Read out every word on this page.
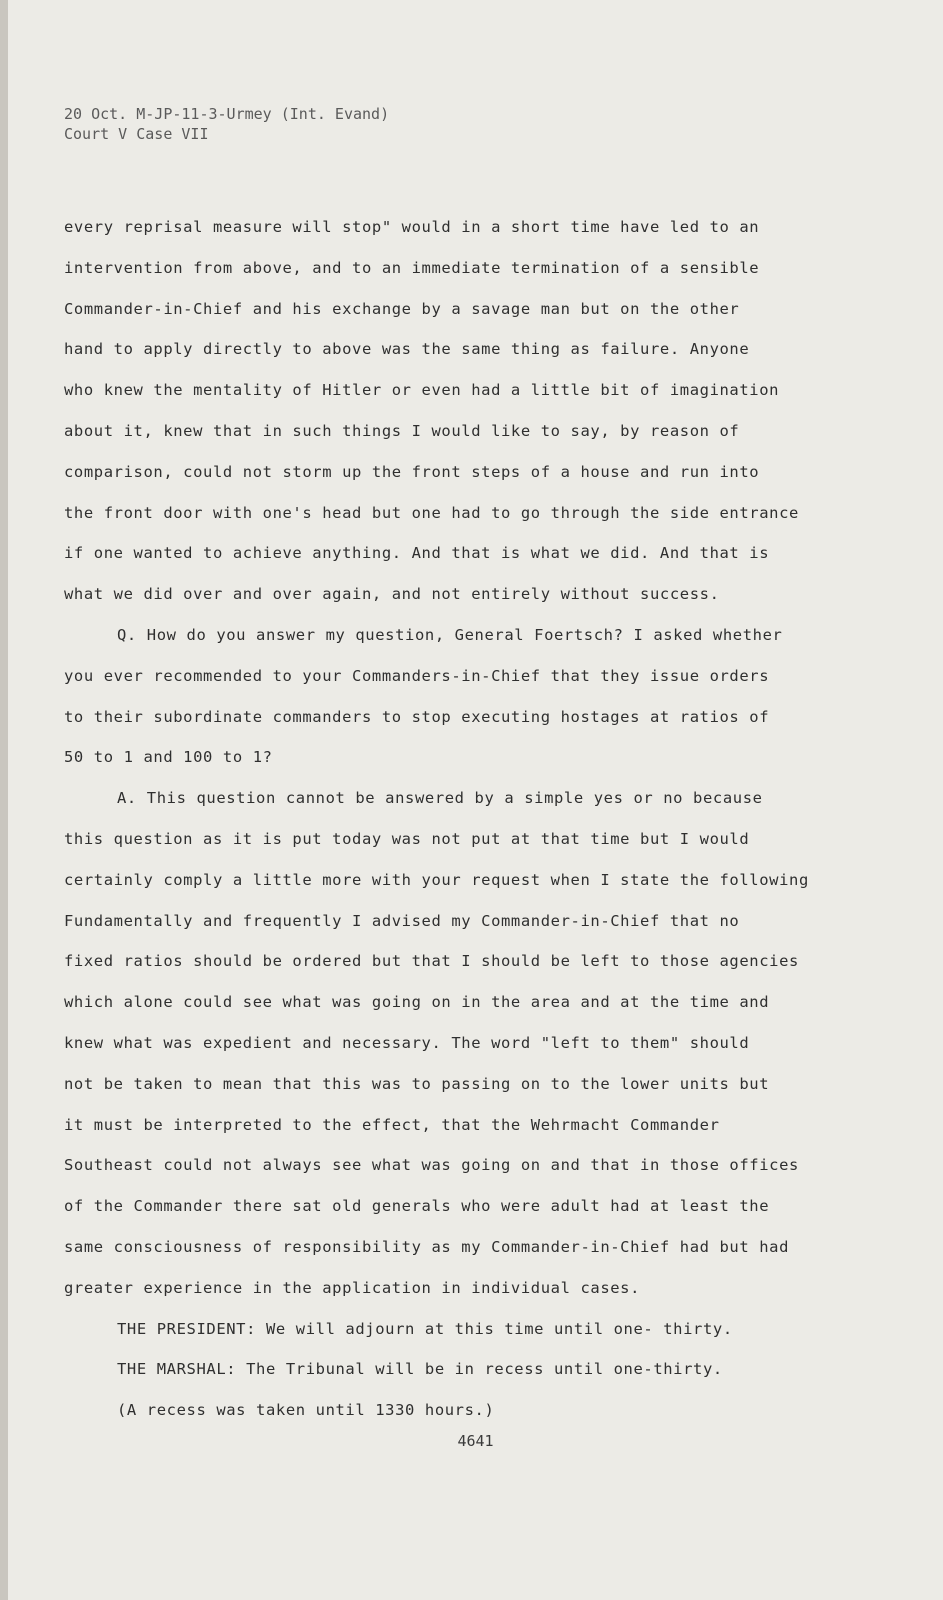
20 Oct. M-JP-11-3-Urmey (Int. Evand)
Court V Case VII
every reprisal measure will stop" would in a short time have led to an
intervention from above, and to an immediate termination of a sensible
Commander-in-Chief and his exchange by a savage man but on the other
hand to apply directly to above was the same thing as failure. Anyone
who knew the mentality of Hitler or even had a little bit of imagination
about it, knew that in such things I would like to say, by reason of
comparison, could not storm up the front steps of a house and run into
the front door with one's head but one had to go through the side entrance
if one wanted to achieve anything. And that is what we did. And that is
what we did over and over again, and not entirely without success.
Q. How do you answer my question, General Foertsch? I asked whether
you ever recommended to your Commanders-in-Chief that they issue orders
to their subordinate commanders to stop executing hostages at ratios of
50 to 1 and 100 to 1?
A. This question cannot be answered by a simple yes or no because
this question as it is put today was not put at that time but I would
certainly comply a little more with your request when I state the following
Fundamentally and frequently I advised my Commander-in-Chief that no
fixed ratios should be ordered but that I should be left to those agencies
which alone could see what was going on in the area and at the time and
knew what was expedient and necessary. The word "left to them" should
not be taken to mean that this was to passing on to the lower units but
it must be interpreted to the effect, that the Wehrmacht Commander
Southeast could not always see what was going on and that in those offices
of the Commander there sat old generals who were adult had at least the
same consciousness of responsibility as my Commander-in-Chief had but had
greater experience in the application in individual cases.
THE PRESIDENT: We will adjourn at this time until one- thirty.
THE MARSHAL: The Tribunal will be in recess until one-thirty.
(A recess was taken until 1330 hours.)
4641
